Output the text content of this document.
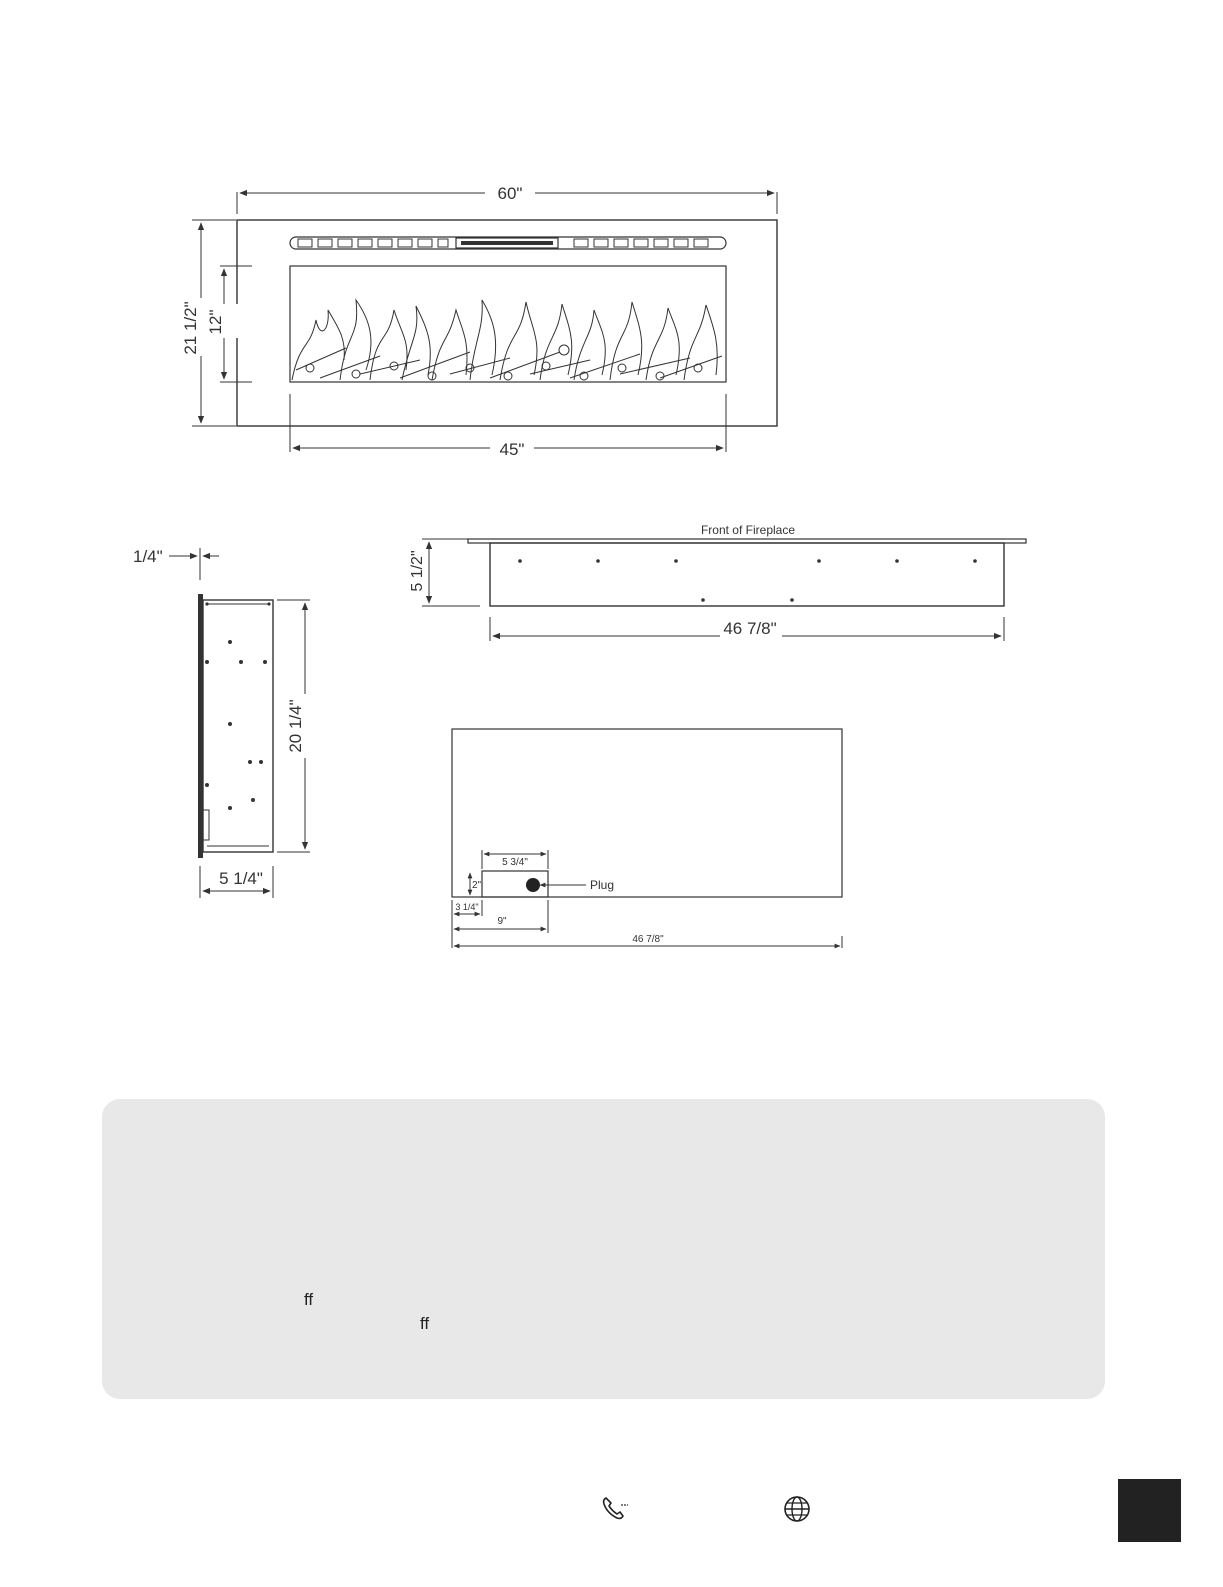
60"
21 1/2" 12"
45"
1/4"
20 1/4"
5 1/4"
Front of Fireplace
5 1/2"
46 7/8"
Plug
5 3/4"
2"
3 1/4"
9"
46 7/8"
ff
ff
